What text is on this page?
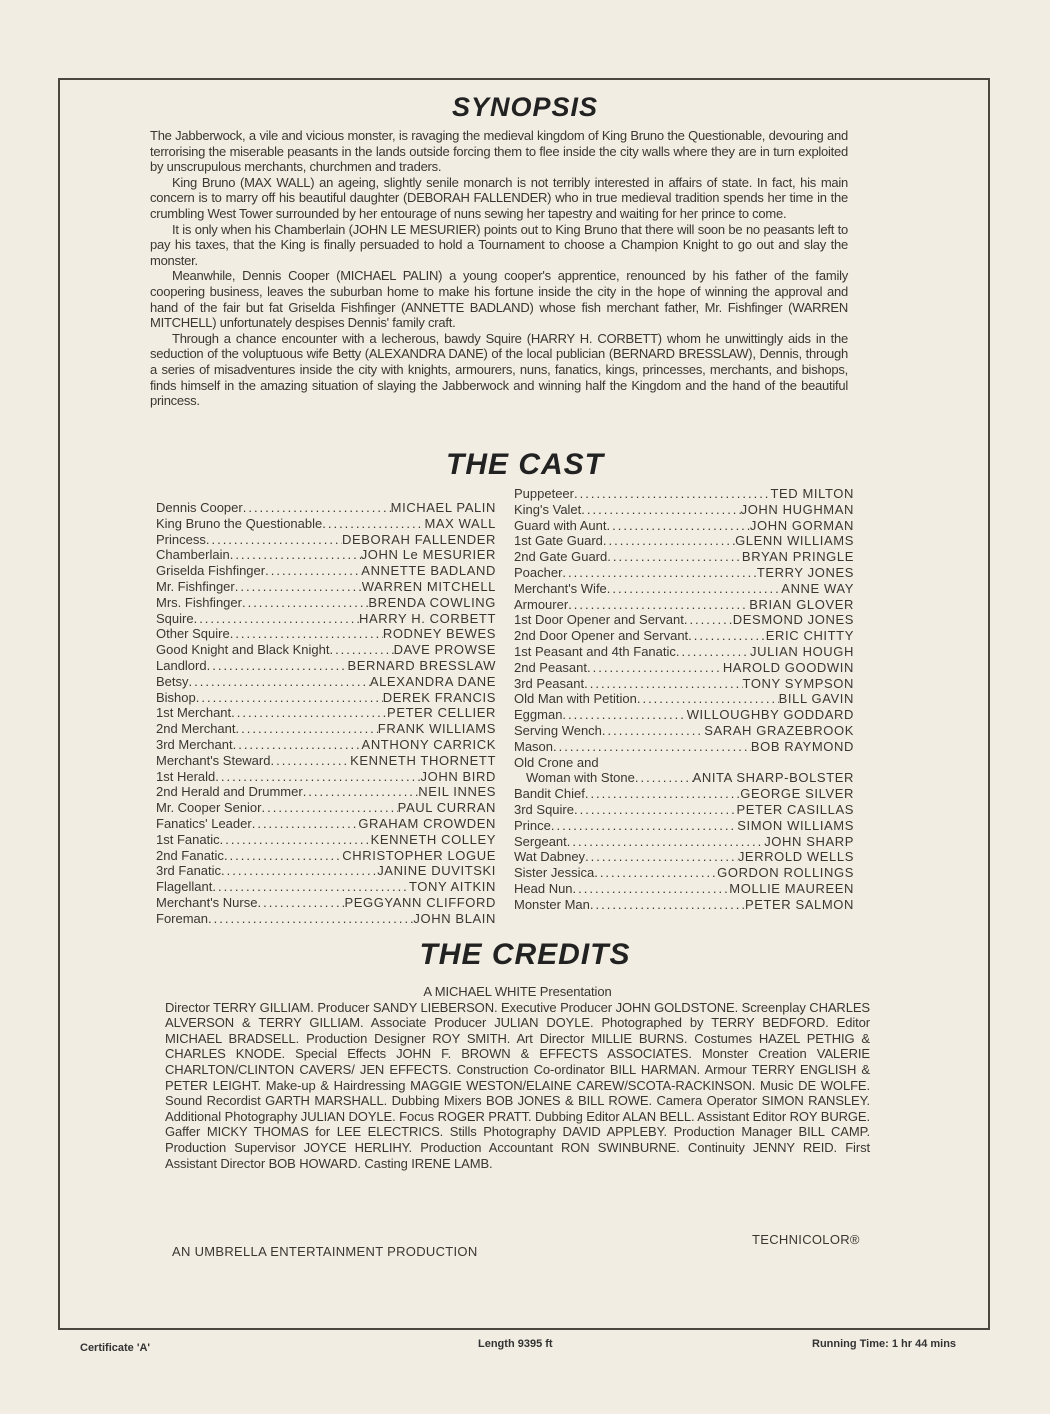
SYNOPSIS

The Jabberwock, a vile and vicious monster, is ravaging the medieval kingdom of King Bruno the Questionable, devouring and terrorising the miserable peasants in the lands outside forcing them to flee inside the city walls where they are in turn exploited by unscrupulous merchants, churchmen and traders.

King Bruno (MAX WALL) an ageing, slightly senile monarch is not terribly interested in affairs of state. In fact, his main concern is to marry off his beautiful daughter (DEBORAH FALLENDER) who in true medieval tradition spends her time in the crumbling West Tower surrounded by her entourage of nuns sewing her tapestry and waiting for her prince to come.

It is only when his Chamberlain (JOHN LE MESURIER) points out to King Bruno that there will soon be no peasants left to pay his taxes, that the King is finally persuaded to hold a Tournament to choose a Champion Knight to go out and slay the monster.

Meanwhile, Dennis Cooper (MICHAEL PALIN) a young cooper's apprentice, renounced by his father of the family coopering business, leaves the suburban home to make his fortune inside the city in the hope of winning the approval and hand of the fair but fat Griselda Fishfinger (ANNETTE BADLAND) whose fish merchant father, Mr. Fishfinger (WARREN MITCHELL) unfortunately despises Dennis' family craft.

Through a chance encounter with a lecherous, bawdy Squire (HARRY H. CORBETT) whom he unwittingly aids in the seduction of the voluptuous wife Betty (ALEXANDRA DANE) of the local publician (BERNARD BRESSLAW), Dennis, through a series of misadventures inside the city with knights, armourers, nuns, fanatics, kings, princesses, merchants, and bishops, finds himself in the amazing situation of slaying the Jabberwock and winning half the Kingdom and the hand of the beautiful princess.

THE CAST
Dennis Cooper .....	MICHAEL PALIN
King Bruno the Questionable .....	MAX WALL
Princess .....	DEBORAH FALLENDER
Chamberlain .....	JOHN Le MESURIER
Griselda Fishfinger .....	ANNETTE BADLAND
Mr. Fishfinger .....	WARREN MITCHELL
Mrs. Fishfinger .....	BRENDA COWLING
Squire .....	HARRY H. CORBETT
Other Squire .....	RODNEY BEWES
Good Knight and Black Knight .....	DAVE PROWSE
Landlord .....	BERNARD BRESSLAW
Betsy .....	ALEXANDRA DANE
Bishop .....	DEREK FRANCIS
1st Merchant .....	PETER CELLIER
2nd Merchant .....	FRANK WILLIAMS
3rd Merchant .....	ANTHONY CARRICK
Merchant's Steward .....	KENNETH THORNETT
1st Herald .....	JOHN BIRD
2nd Herald and Drummer .....	NEIL INNES
Mr. Cooper Senior .....	PAUL CURRAN
Fanatics' Leader .....	GRAHAM CROWDEN
1st Fanatic .....	KENNETH COLLEY
2nd Fanatic .....	CHRISTOPHER LOGUE
3rd Fanatic .....	JANINE DUVITSKI
Flagellant .....	TONY AITKIN
Merchant's Nurse .....	PEGGYANN CLIFFORD
Foreman .....	JOHN BLAIN
Puppeteer .....	TED MILTON
King's Valet .....	JOHN HUGHMAN
Guard with Aunt .....	JOHN GORMAN
1st Gate Guard .....	GLENN WILLIAMS
2nd Gate Guard .....	BRYAN PRINGLE
Poacher .....	TERRY JONES
Merchant's Wife .....	ANNE WAY
Armourer .....	BRIAN GLOVER
1st Door Opener and Servant .....	DESMOND JONES
2nd Door Opener and Servant .....	ERIC CHITTY
1st Peasant and 4th Fanatic .....	JULIAN HOUGH
2nd Peasant .....	HAROLD GOODWIN
3rd Peasant .....	TONY SYMPSON
Old Man with Petition .....	BILL GAVIN
Eggman .....	WILLOUGHBY GODDARD
Serving Wench .....	SARAH GRAZEBROOK
Mason .....	BOB RAYMOND
Old Crone and
Woman with Stone .....	ANITA SHARP-BOLSTER
Bandit Chief .....	GEORGE SILVER
3rd Squire .....	PETER CASILLAS
Prince .....	SIMON WILLIAMS
Sergeant .....	JOHN SHARP
Wat Dabney .....	JERROLD WELLS
Sister Jessica .....	GORDON ROLLINGS
Head Nun .....	MOLLIE MAUREEN
Monster Man .....	PETER SALMON
THE CREDITS
A MICHAEL WHITE Presentation
Director TERRY GILLIAM. Producer SANDY LIEBERSON. Executive Producer JOHN GOLDSTONE. Screenplay CHARLES ALVERSON & TERRY GILLIAM. Associate Producer JULIAN DOYLE. Photographed by TERRY BEDFORD. Editor MICHAEL BRADSELL. Production Designer ROY SMITH. Art Director MILLIE BURNS. Costumes HAZEL PETHIG & CHARLES KNODE. Special Effects JOHN F. BROWN & EFFECTS ASSOCIATES. Monster Creation VALERIE CHARLTON/CLINTON CAVERS/ JEN EFFECTS. Construction Co-ordinator BILL HARMAN. Armour TERRY ENGLISH & PETER LEIGHT. Make-up & Hairdressing MAGGIE WESTON/ELAINE CAREW/SCOTA-RACKINSON. Music DE WOLFE. Sound Recordist GARTH MARSHALL. Dubbing Mixers BOB JONES & BILL ROWE. Camera Operator SIMON RANSLEY. Additional Photography JULIAN DOYLE. Focus ROGER PRATT. Dubbing Editor ALAN BELL. Assistant Editor ROY BURGE. Gaffer MICKY THOMAS for LEE ELECTRICS. Stills Photography DAVID APPLEBY. Production Manager BILL CAMP. Production Supervisor JOYCE HERLIHY. Production Accountant RON SWINBURNE. Continuity JENNY REID. First Assistant Director BOB HOWARD. Casting IRENE LAMB.
AN UMBRELLA ENTERTAINMENT PRODUCTION
TECHNICOLOR®
Certificate 'A'	Length 9395 ft	Running Time: 1 hr 44 mins
